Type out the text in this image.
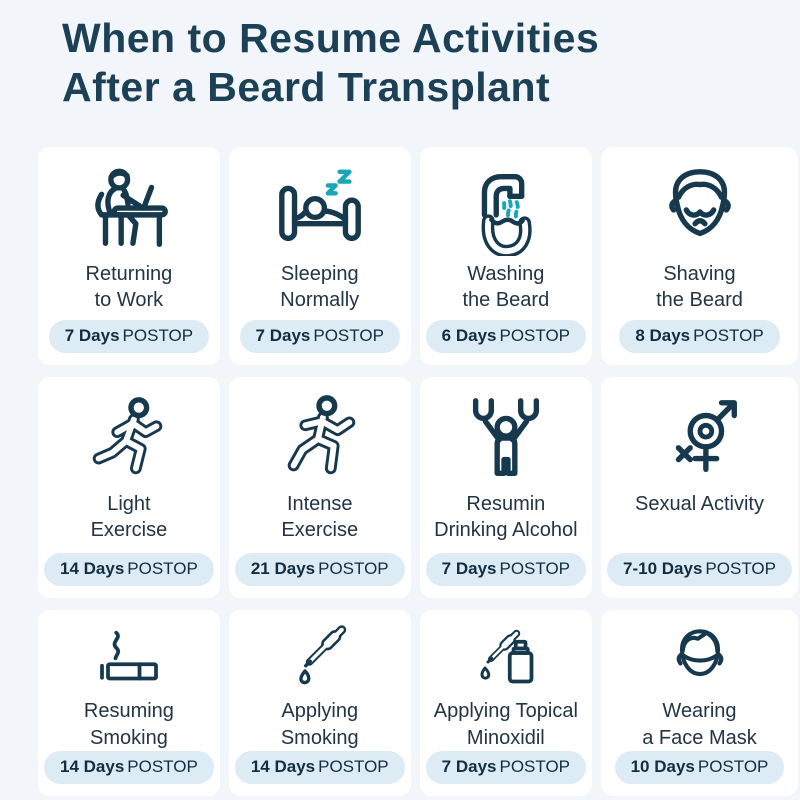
When to Resume Activities
After a Beard Transplant
Returning
to Work
7 Days POSTOP
Sleeping
Normally
7 Days POSTOP
Washing
the Beard
6 Days POSTOP
Shaving
the Beard
8 Days POSTOP
Light
Exercise
14 Days POSTOP
Intense
Exercise
21 Days POSTOP
Resumin
Drinking Alcohol
7 Days POSTOP
Sexual Activity
7-10 Days POSTOP
Resuming
Smoking
14 Days POSTOP
Applying
Smoking
14 Days POSTOP
Applying Topical
Minoxidil
7 Days POSTOP
Wearing
a Face Mask
10 Days POSTOP
